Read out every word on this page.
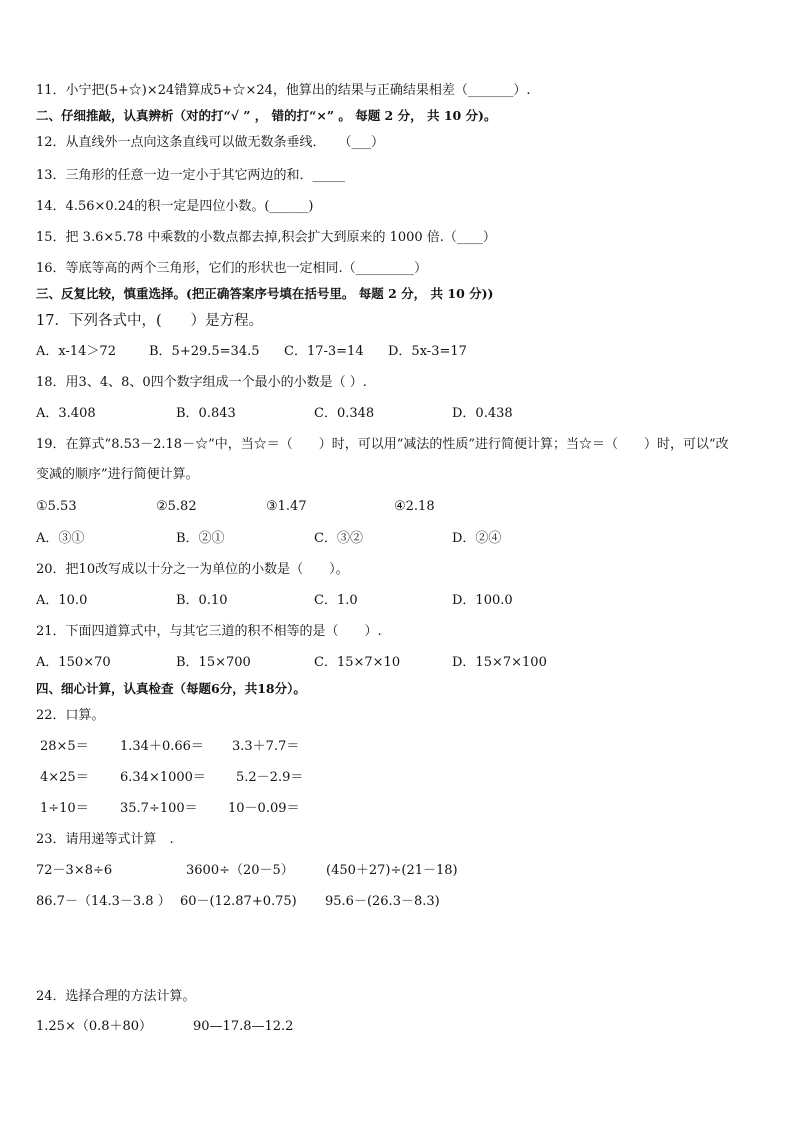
11．小宁把(5+☆)×24错算成5+☆×24，他算出的结果与正确结果相差（_______）.
二、仔细推敲，认真辨析（对的打“√ ” ， 错的打“×” 。 每题 2 分， 共 10 分)。
12．从直线外一点向这条直线可以做无数条垂线．　　（___）
13．三角形的任意一边一定小于其它两边的和．_____
14．4.56×0.24的积一定是四位小数。(______)
15．把 3.6×5.78 中乘数的小数点都去掉,积会扩大到原来的 1000 倍.（____）
16．等底等高的两个三角形，它们的形状也一定相同.（_________）
三、反复比较，慎重选择。(把正确答案序号填在括号里。 每题 2 分， 共 10 分))
17．下列各式中，(　　）是方程。
A．x-14＞72	B．5+29.5=34.5 C．17-3=14 D．5x-3=17
18．用3、4、8、0四个数字组成一个最小的小数是（ ）.
A．3.408	B．0.843	C．0.348	D．0.438
19．在算式“8.53－2.18－☆”中，当☆＝（　　）时，可以用“减法的性质”进行简便计算；当☆＝（　　）时，可以“改
变减的顺序”进行简便计算。
①5.53	②5.82	③1.47	④2.18
A．③①	B．②①	C．③②	D．②④
20．把10改写成以十分之一为单位的小数是（　　）。
A．10.0	B．0.10	C．1.0	D．100.0
21．下面四道算式中，与其它三道的积不相等的是（　　）.
A．150×70	B．15×700	C．15×7×10	D．15×7×100
四、细心计算，认真检查（每题6分，共18分）。
22．口算。
28×5＝ 1.34＋0.66＝ 3.3＋7.7＝
4×25＝ 6.34×1000＝ 5.2－2.9＝
1÷10＝ 35.7÷100＝ 10－0.09＝
23．请用递等式计算　.
72－3×8÷6	3600÷（20－5） (450＋27)÷(21－18)
86.7－（14.3－3.8 ） 60－(12.87+0.75) 95.6－(26.3－8.3)
24．选择合理的方法计算。
1.25×（0.8＋80）	90—17.8—12.2
